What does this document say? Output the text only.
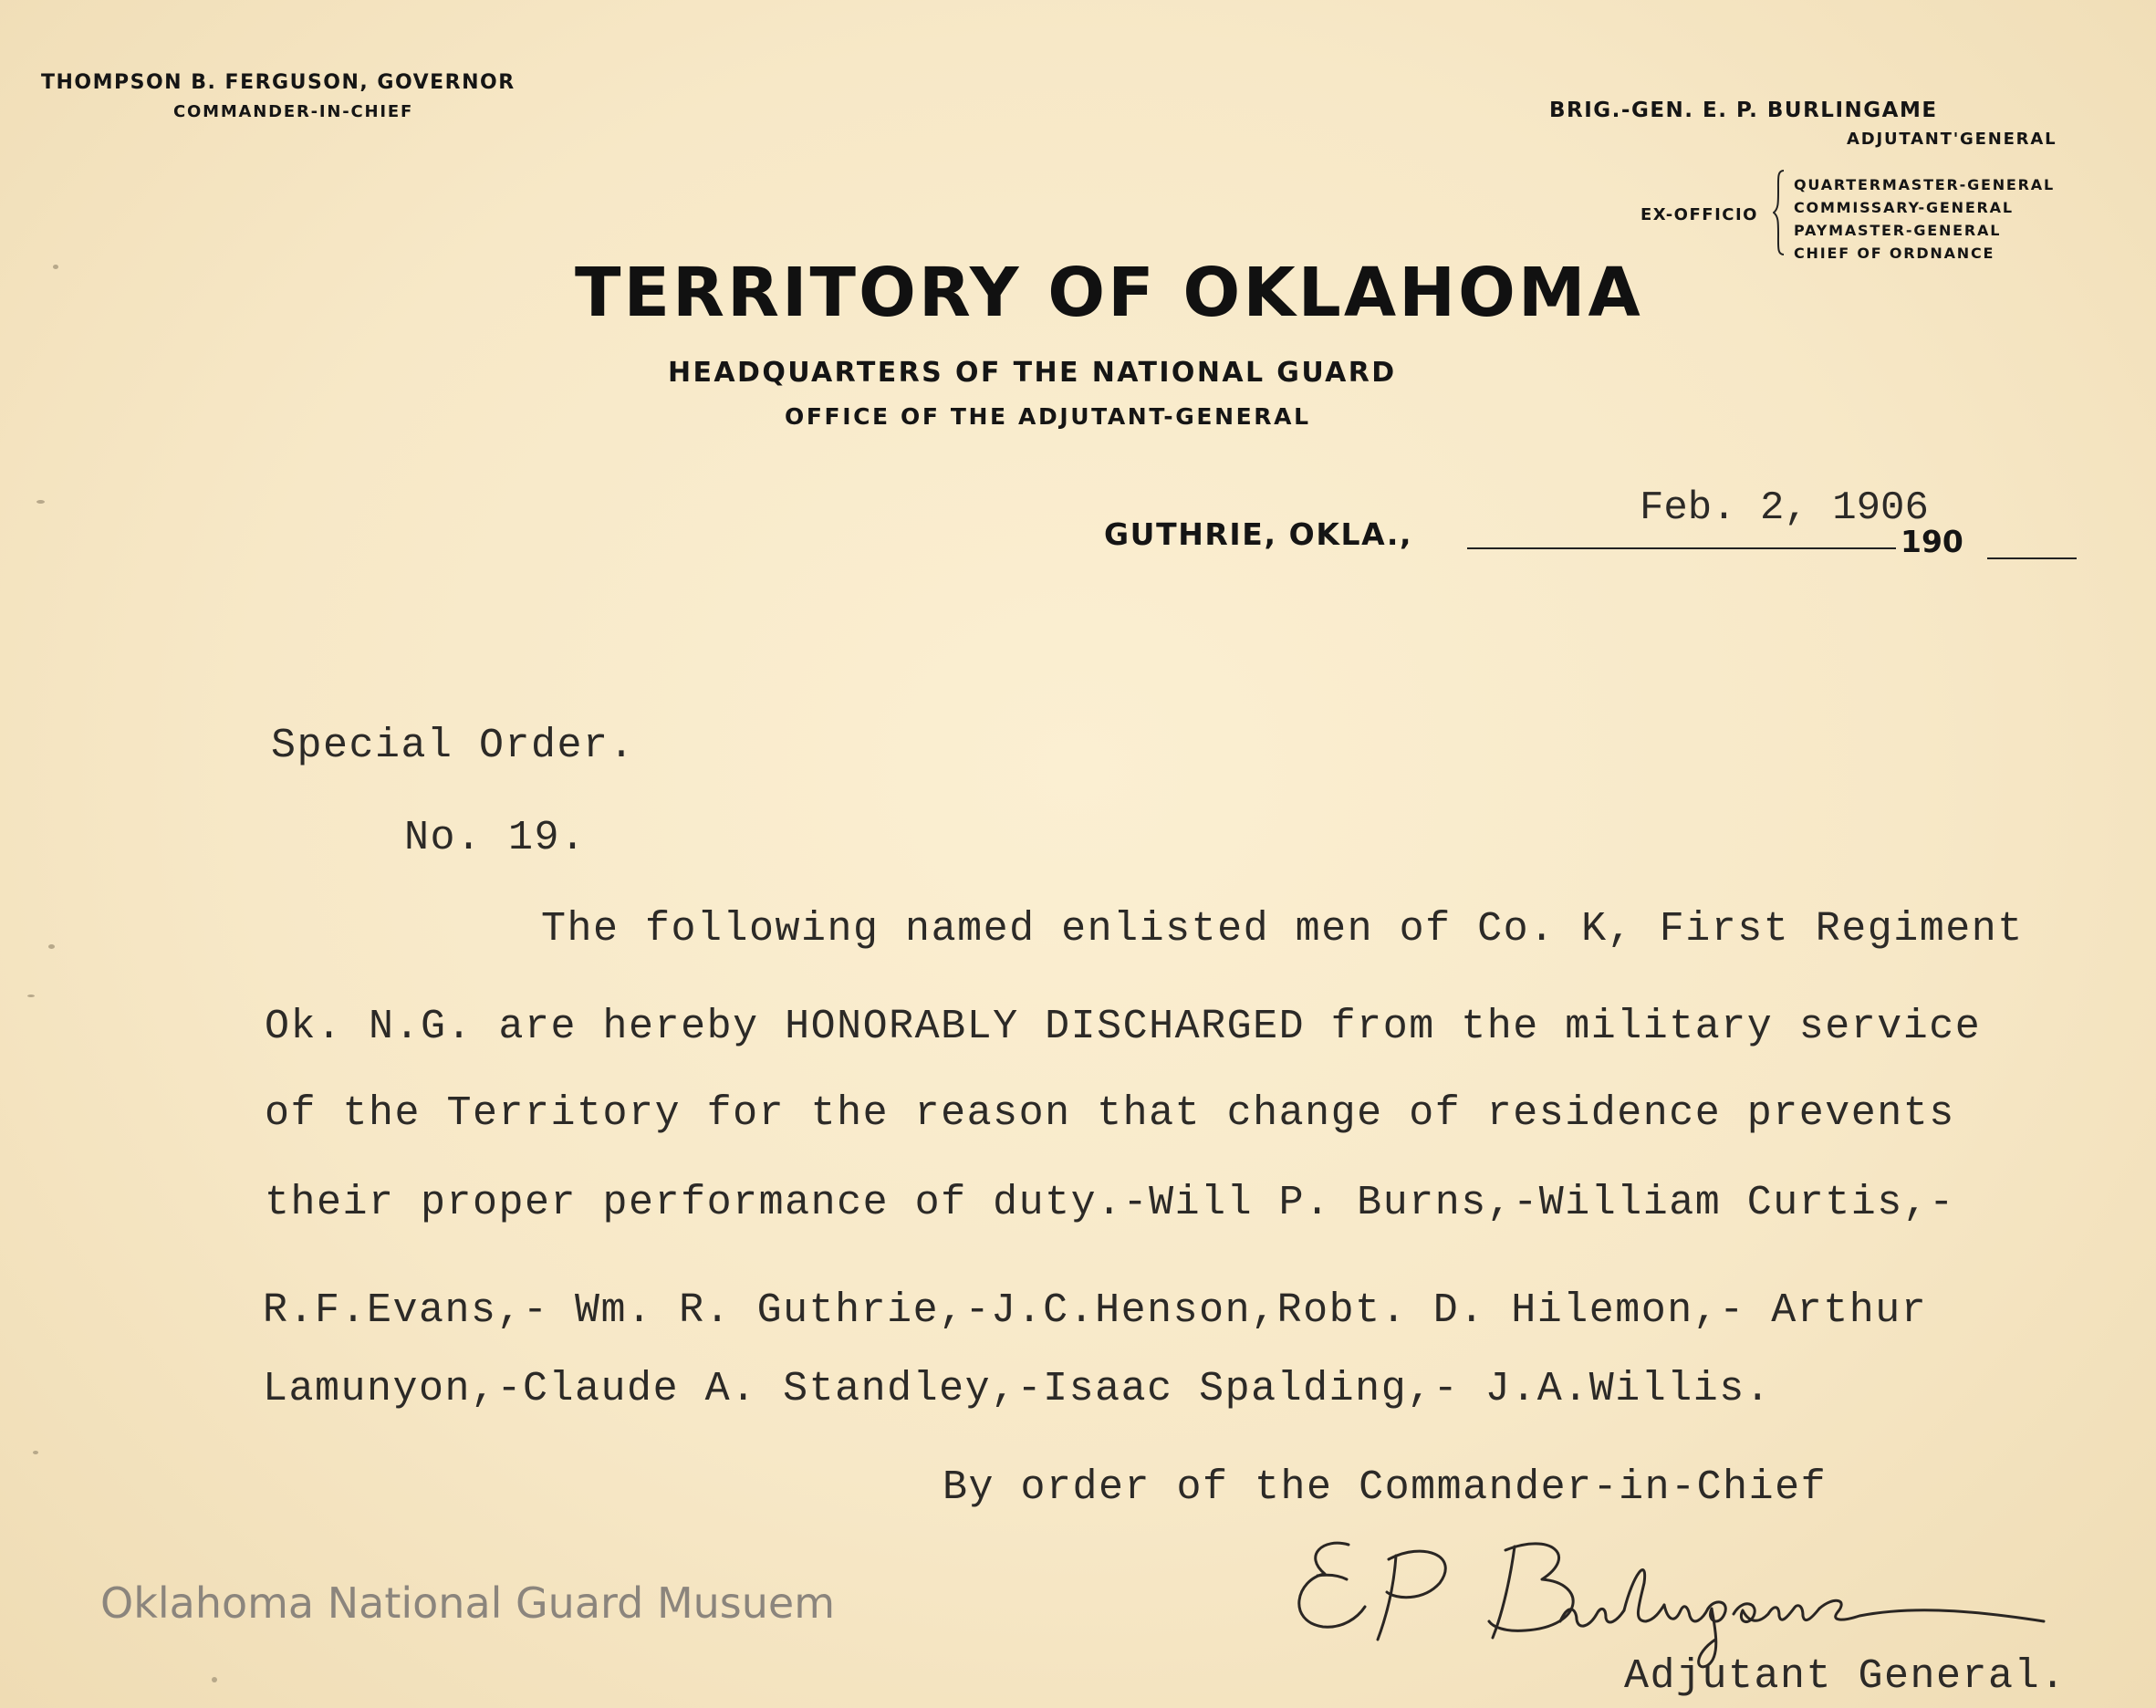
THOMPSON B. FERGUSON, GOVERNOR
COMMANDER-IN-CHIEF	BRIG.-GEN. E. P. BURLINGAME
ADJUTANT'GENERAL
EX-OFFICIO
QUARTERMASTER-GENERAL
COMMISSARY-GENERAL
PAYMASTER-GENERAL
CHIEF OF ORDNANCE
TERRITORY OF OKLAHOMA
HEADQUARTERS OF THE NATIONAL GUARD
OFFICE OF THE ADJUTANT-GENERAL
GUTHRIE, OKLA.,
Feb. 2, 1906
190
Special Order.
No. 19.
The following named enlisted men of Co. K, First Regiment
Ok. N.G. are hereby HONORABLY DISCHARGED from the military service
of the Territory for the reason that change of residence prevents
their proper performance of duty.-Will P. Burns,-William Curtis,-
R.F.Evans,- Wm. R. Guthrie,-J.C.Henson,Robt. D. Hilemon,- Arthur
Lamunyon,-Claude A. Standley,-Isaac Spalding,- J.A.Willis.
By order of the Commander-in-Chief
Adjutant General.
Oklahoma National Guard Musuem
